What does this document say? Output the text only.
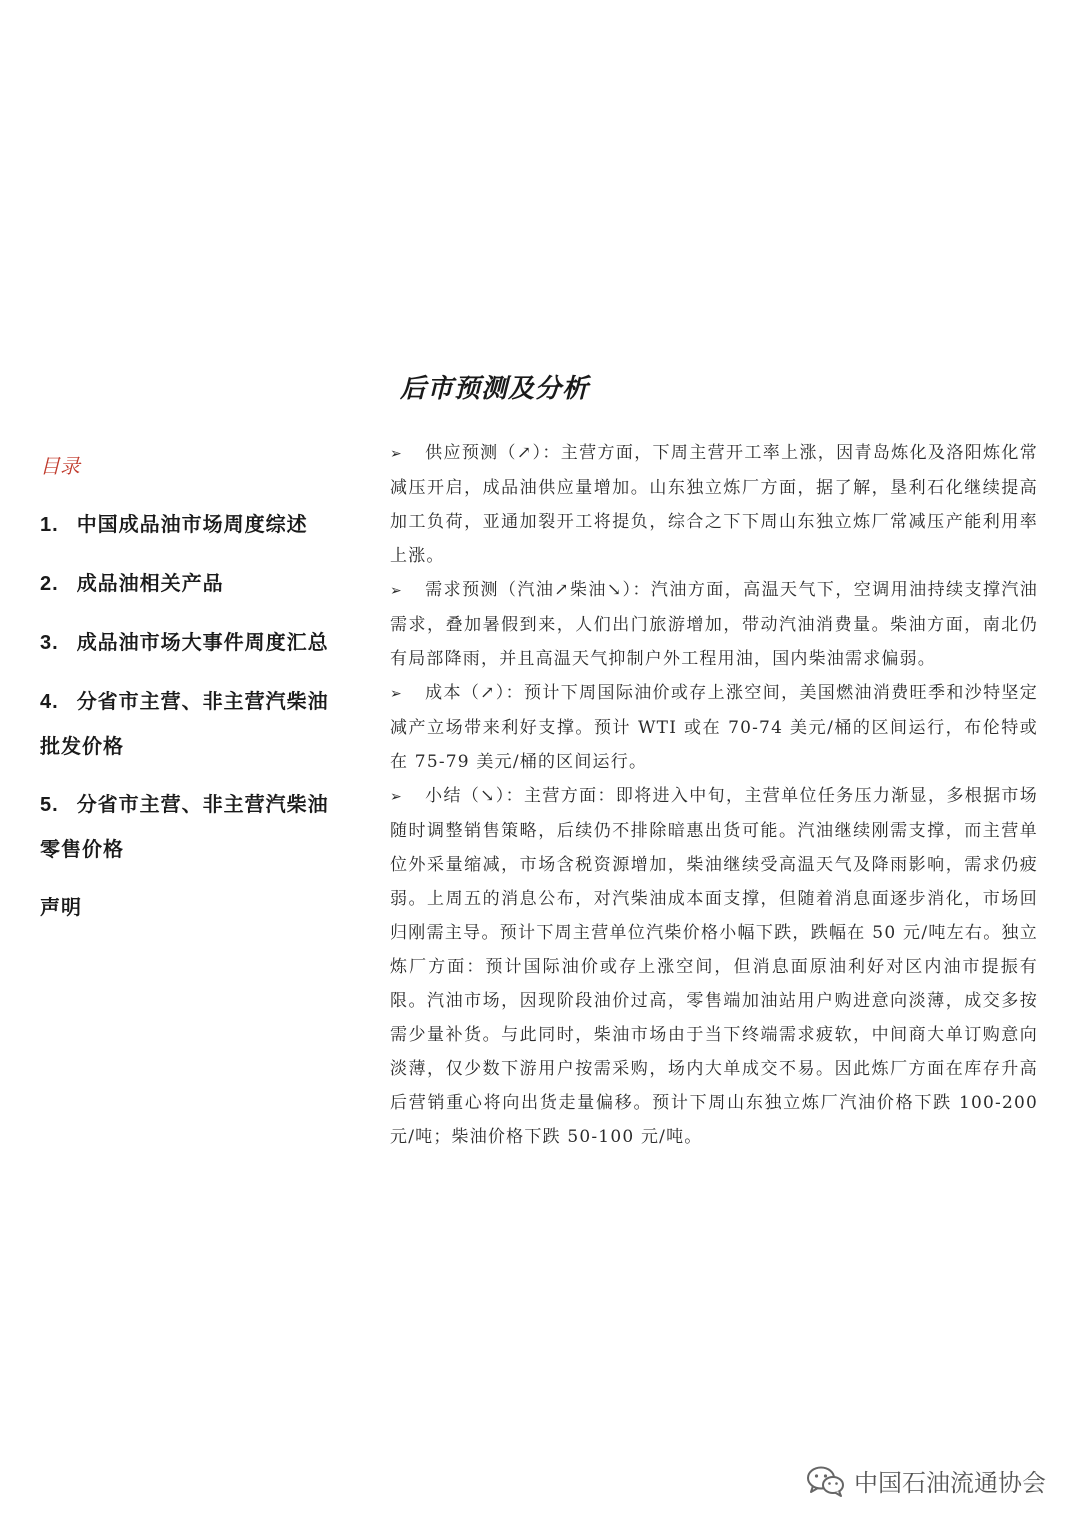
后市预测及分析
目录
1. 中国成品油市场周度综述
2. 成品油相关产品
3. 成品油市场大事件周度汇总
4. 分省市主营、非主营汽柴油批发价格
5. 分省市主营、非主营汽柴油零售价格
声明

➢ 供应预测（↗）：主营方面，下周主营开工率上涨，因青岛炼化及洛阳炼化常减压开启，成品油供应量增加。山东独立炼厂方面，据了解，垦利石化继续提高加工负荷，亚通加裂开工将提负，综合之下下周山东独立炼厂常减压产能利用率上涨。

➢ 需求预测（汽油↗柴油↘）：汽油方面，高温天气下，空调用油持续支撑汽油需求，叠加暑假到来，人们出门旅游增加，带动汽油消费量。柴油方面，南北仍有局部降雨，并且高温天气抑制户外工程用油，国内柴油需求偏弱。

➢ 成本（↗）：预计下周国际油价或存上涨空间，美国燃油消费旺季和沙特坚定减产立场带来利好支撑。预计 WTI 或在 70-74 美元/桶的区间运行，布伦特或在 75-79 美元/桶的区间运行。

➢ 小结（↘）：主营方面：即将进入中旬，主营单位任务压力渐显，多根据市场随时调整销售策略，后续仍不排除暗惠出货可能。汽油继续刚需支撑，而主营单位外采量缩减，市场含税资源增加，柴油继续受高温天气及降雨影响，需求仍疲弱。上周五的消息公布，对汽柴油成本面支撑，但随着消息面逐步消化，市场回归刚需主导。预计下周主营单位汽柴价格小幅下跌，跌幅在 50 元/吨左右。独立炼厂方面：预计国际油价或存上涨空间，但消息面原油利好对区内油市提振有限。汽油市场，因现阶段油价过高，零售端加油站用户购进意向淡薄，成交多按需少量补货。与此同时，柴油市场由于当下终端需求疲软，中间商大单订购意向淡薄，仅少数下游用户按需采购，场内大单成交不易。因此炼厂方面在库存升高后营销重心将向出货走量偏移。预计下周山东独立炼厂汽油价格下跌 100-200 元/吨；柴油价格下跌 50-100 元/吨。

中国石油流通协会
